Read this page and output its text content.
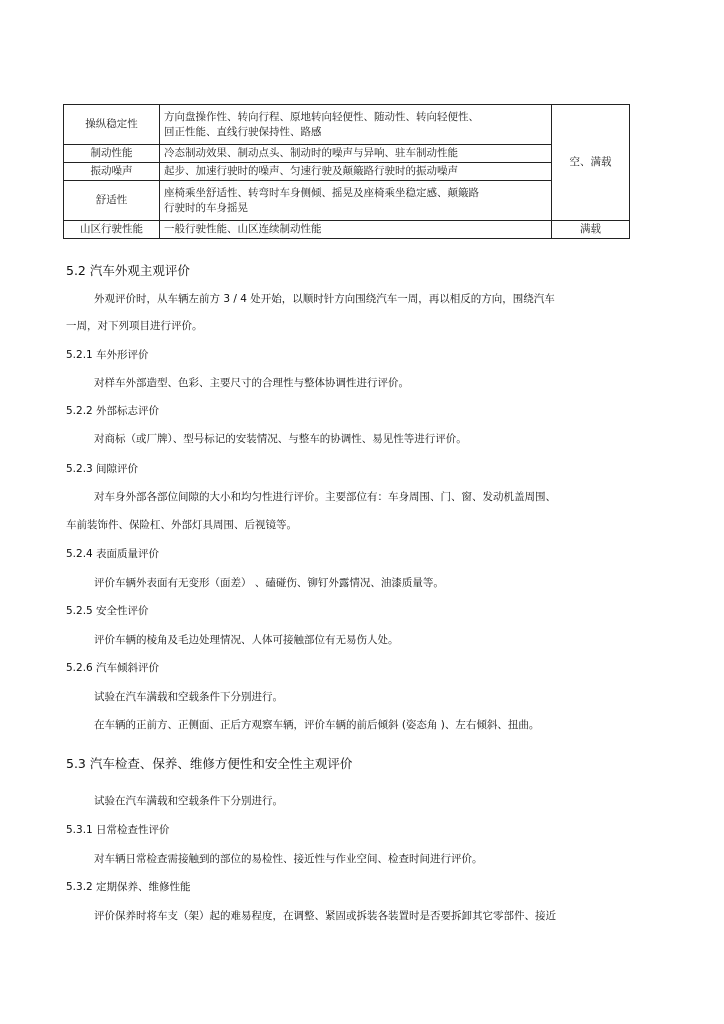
操纵稳定性	方向盘操作性、转向行程、原地转向轻便性、随动性、转向轻便性、
回正性能、直线行驶保持性、路感	空、满载
制动性能	冷态制动效果、制动点头、制动时的噪声与异响、驻车制动性能	
振动噪声	起步、加速行驶时的噪声、匀速行驶及颠簸路行驶时的振动噪声	
舒适性	座椅乘坐舒适性、转弯时车身侧倾、摇晃及座椅乘坐稳定感、颠簸路
行驶时的车身摇晃	

山区行驶性能	一般行驶性能、山区连续制动性能	满载
5.2 汽车外观主观评价
外观评价时，从车辆左前方 3 / 4 处开始，以顺时针方向围绕汽车一周，再以相反的方向，围绕汽车
一周，对下列项目进行评价。
5.2.1 车外形评价
对样车外部造型、色彩、主要尺寸的合理性与整体协调性进行评价。
5.2.2 外部标志评价
对商标（或厂牌）、型号标记的安装情况、与整车的协调性、易见性等进行评价。
5.2.3 间隙评价
对车身外部各部位间隙的大小和均匀性进行评价。主要部位有：车身周围、门、窗、发动机盖周围、
车前装饰件、保险杠、外部灯具周围、后视镜等。
5.2.4 表面质量评价
评价车辆外表面有无变形（面差） 、磕碰伤、铆钉外露情况、油漆质量等。
5.2.5 安全性评价
评价车辆的棱角及毛边处理情况、人体可接触部位有无易伤人处。
5.2.6 汽车倾斜评价
试验在汽车满载和空载条件下分别进行。
在车辆的正前方、正侧面、正后方观察车辆，评价车辆的前后倾斜 (姿态角 )、左右倾斜、扭曲。
5.3 汽车检查、保养、维修方便性和安全性主观评价
试验在汽车满载和空载条件下分别进行。
5.3.1 日常检查性评价
对车辆日常检查需接触到的部位的易检性、接近性与作业空间、检查时间进行评价。
5.3.2 定期保养、维修性能
评价保养时将车支（架）起的难易程度，在调整、紧固或拆装各装置时是否要拆卸其它零部件、接近
